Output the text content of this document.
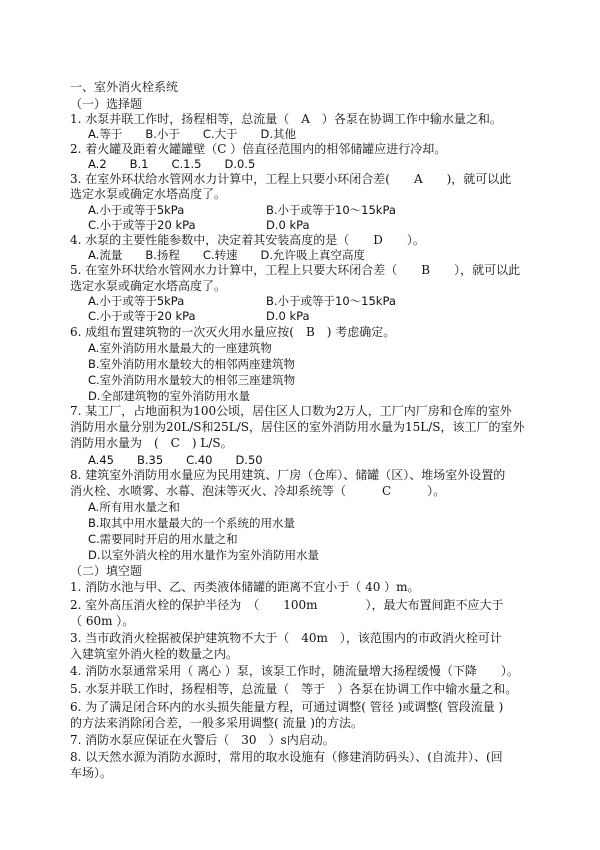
一、室外消火栓系统
（一）选择题
1. 水泵并联工作时，扬程相等，总流量（　A　）各泵在协调工作中输水量之和。
A.等于　　B.小于　　C.大于　　D.其他
2. 着火罐及距着火罐罐壁（C ）倍直径范围内的相邻储罐应进行冷却。
A.2　　B.1　　C.1.5　　D.0.5
3. 在室外环状给水管网水力计算中，工程上只要小环闭合差(　　A　　)，就可以此
选定水泵或确定水塔高度了。
A.小于或等于5kPa	B.小于或等于10～15kPa
C.小于或等于20 kPa	D.0 kPa
4. 水泵的主要性能参数中，决定着其安装高度的是（　　D　　）。
A.流量　　B.扬程　　C.转速　　D.允许吸上真空高度
5. 在室外环状给水管网水力计算中，工程上只要大环闭合差（　　B　　），就可以此
选定水泵或确定水塔高度了。
A.小于或等于5kPa	B.小于或等于10～15kPa
C.小于或等于20 kPa	D.0 kPa
6. 成组布置建筑物的一次灭火用水量应按(　B　) 考虑确定。
A.室外消防用水量最大的一座建筑物
B.室外消防用水量较大的相邻两座建筑物
C.室外消防用水量较大的相邻三座建筑物
D.全部建筑物的室外消防用水量
7. 某工厂，占地面积为100公顷，居住区人口数为2万人，工厂内厂房和仓库的室外
消防用水量分别为20L/S和25L/S，居住区的室外消防用水量为15L/S，该工厂的室外
消防用水量为　(　C　) L/S。
A.45　　B.35　　C.40　　D.50
8. 建筑室外消防用水量应为民用建筑、厂房（仓库）、储罐（区）、堆场室外设置的
消火栓、水喷雾、水幕、泡沫等灭火、冷却系统等（　　　C　　　）。
A.所有用水量之和
B.取其中用水量最大的一个系统的用水量
C.需要同时开启的用水量之和
D.以室外消火栓的用水量作为室外消防用水量
（二）填空题
1. 消防水池与甲、乙、丙类液体储罐的距离不宜小于（ 40 ）m。
2. 室外高压消火栓的保护半径为　（　　100m　　　　），最大布置间距不应大于
（ 60m ）。
3. 当市政消火栓据被保护建筑物不大于（　40m　），该范围内的市政消火栓可计
入建筑室外消火栓的数量之内。
4. 消防水泵通常采用（ 离心 ）泵，该泵工作时，随流量增大扬程缓慢（下降　　）。
5. 水泵并联工作时，扬程相等，总流量（　等于　）各泵在协调工作中输水量之和。
6. 为了满足闭合环内的水头损失能量方程，可通过调整( 管径 )或调整( 管段流量 )
的方法来消除闭合差，一般多采用调整( 流量 )的方法。
7. 消防水泵应保证在火警后（　30　）s内启动。
8. 以天然水源为消防水源时，常用的取水设施有（修建消防码头）、(自流井）、(回
车场）。
